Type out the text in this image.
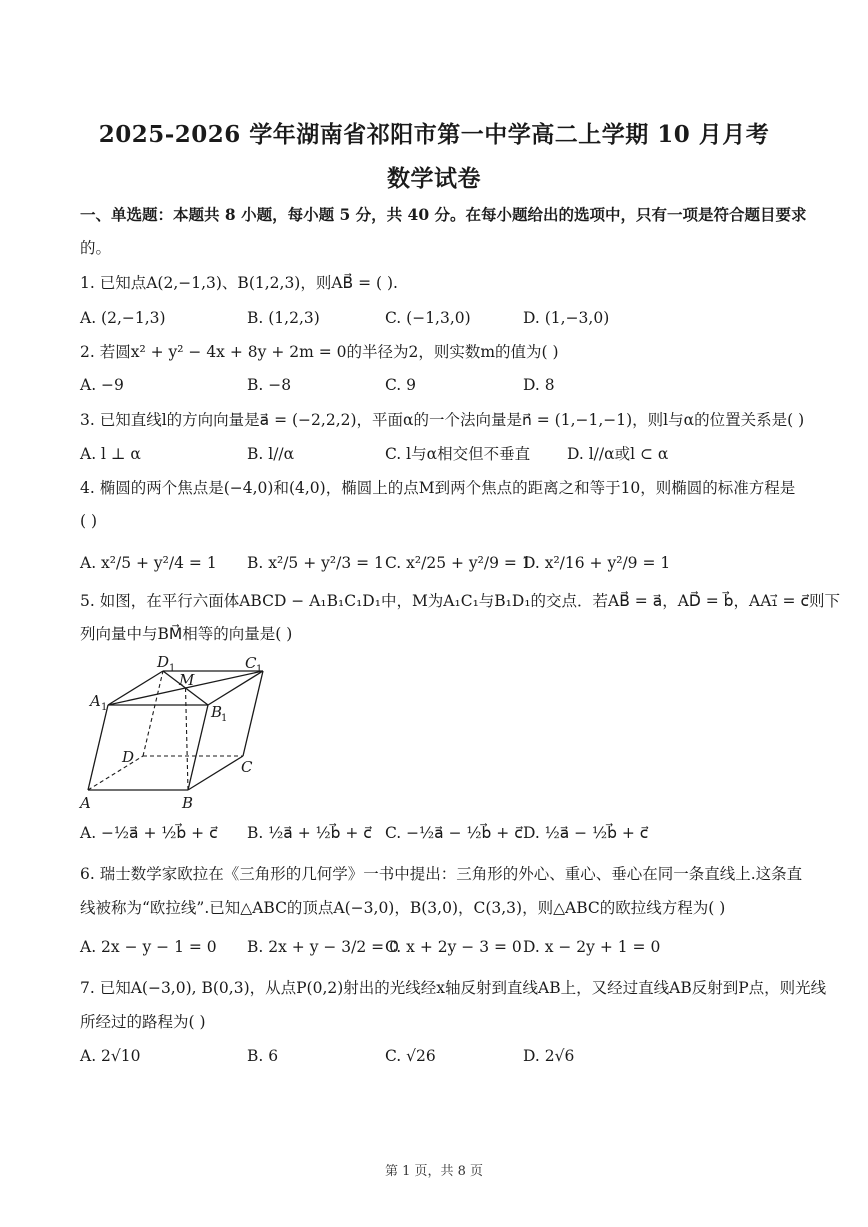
2025-2026 学年湖南省祁阳市第一中学高二上学期 10 月月考
数学试卷
一、单选题：本题共 8 小题，每小题 5 分，共 40 分。在每小题给出的选项中，只有一项是符合题目要求
的。
1. 已知点A(2,−1,3)、B(1,2,3)，则AB⃗ = ( ).
A. (2,−1,3)	B. (1,2,3)	C. (−1,3,0)	D. (1,−3,0)
2. 若圆x² + y² − 4x + 8y + 2m = 0的半径为2，则实数m的值为( )
A. −9	B. −8	C. 9	D. 8
3. 已知直线l的方向向量是a⃗ = (−2,2,2)，平面α的一个法向量是n⃗ = (1,−1,−1)，则l与α的位置关系是( )
A. l ⊥ α	B. l//α	C. l与α相交但不垂直 D. l//α或l ⊂ α
4. 椭圆的两个焦点是(−4,0)和(4,0)，椭圆上的点M到两个焦点的距离之和等于10，则椭圆的标准方程是
( )
A. x²/5 + y²/4 = 1 B. x²/5 + y²/3 = 1 C. x²/25 + y²/9 = 1
D. x²/16 + y²/9 = 1
5. 如图，在平行六面体ABCD − A₁B₁C₁D₁中，M为A₁C₁与B₁D₁的交点．若AB⃗ = a⃗，AD⃗ = b⃗，AA₁⃗ = c⃗则下
列向量中与BM⃗相等的向量是( )
A	B
C
D
A 1	B
1
C 1
D 1
M
A. −½a⃗ + ½b⃗ + c⃗ B. ½a⃗ + ½b⃗ + c⃗ C. −½a⃗ − ½b⃗ + c⃗ D. ½a⃗ − ½b⃗ + c⃗
6. 瑞士数学家欧拉在《三角形的几何学》一书中提出：三角形的外心、重心、垂心在同一条直线上.这条直
线被称为“欧拉线”.已知△ABC的顶点A(−3,0)，B(3,0)，C(3,3)，则△ABC的欧拉线方程为( )
A. 2x − y − 1 = 0 B. 2x + y − 3/2 = 0
C. x + 2y − 3 = 0 D. x − 2y + 1 = 0
7. 已知A(−3,0), B(0,3)，从点P(0,2)射出的光线经x轴反射到直线AB上，又经过直线AB反射到P点，则光线
所经过的路程为( )
A. 2√10	B. 6	C. √26	D. 2√6
第 1 页，共 8 页
